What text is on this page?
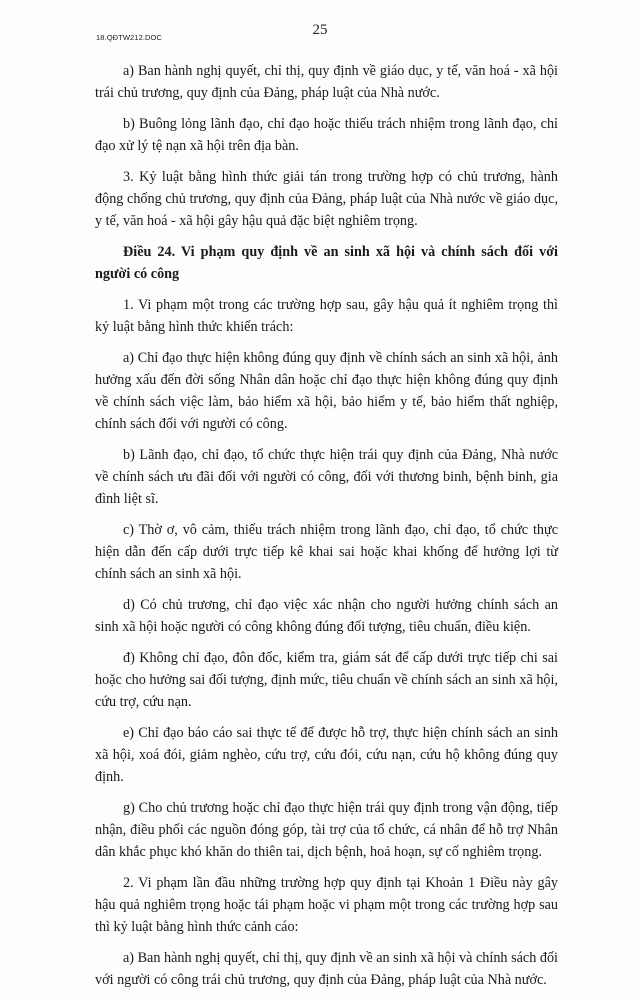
18.QĐTW212.DOC	25

a) Ban hành nghị quyết, chỉ thị, quy định về giáo dục, y tế, văn hoá - xã hội trái chủ trương, quy định của Đảng, pháp luật của Nhà nước.

b) Buông lỏng lãnh đạo, chỉ đạo hoặc thiếu trách nhiệm trong lãnh đạo, chỉ đạo xử lý tệ nạn xã hội trên địa bàn.

3. Kỷ luật bằng hình thức giải tán trong trường hợp có chủ trương, hành động chống chủ trương, quy định của Đảng, pháp luật của Nhà nước về giáo dục, y tế, văn hoá - xã hội gây hậu quả đặc biệt nghiêm trọng.

Điều 24. Vi phạm quy định về an sinh xã hội và chính sách đối với người có công

1. Vi phạm một trong các trường hợp sau, gây hậu quả ít nghiêm trọng thì kỷ luật bằng hình thức khiển trách:

a) Chỉ đạo thực hiện không đúng quy định về chính sách an sinh xã hội, ảnh hưởng xấu đến đời sống Nhân dân hoặc chỉ đạo thực hiện không đúng quy định về chính sách việc làm, bảo hiểm xã hội, bảo hiểm y tế, bảo hiểm thất nghiệp, chính sách đối với người có công.

b) Lãnh đạo, chỉ đạo, tổ chức thực hiện trái quy định của Đảng, Nhà nước về chính sách ưu đãi đối với người có công, đối với thương binh, bệnh binh, gia đình liệt sĩ.

c) Thờ ơ, vô cảm, thiếu trách nhiệm trong lãnh đạo, chỉ đạo, tổ chức thực hiện dẫn đến cấp dưới trực tiếp kê khai sai hoặc khai khống để hưởng lợi từ chính sách an sinh xã hội.

d) Có chủ trương, chỉ đạo việc xác nhận cho người hưởng chính sách an sinh xã hội hoặc người có công không đúng đối tượng, tiêu chuẩn, điều kiện.

đ) Không chỉ đạo, đôn đốc, kiểm tra, giám sát để cấp dưới trực tiếp chi sai hoặc cho hưởng sai đối tượng, định mức, tiêu chuẩn về chính sách an sinh xã hội, cứu trợ, cứu nạn.

e) Chỉ đạo báo cáo sai thực tế để được hỗ trợ, thực hiện chính sách an sinh xã hội, xoá đói, giảm nghèo, cứu trợ, cứu đói, cứu nạn, cứu hộ không đúng quy định.

g) Cho chủ trương hoặc chỉ đạo thực hiện trái quy định trong vận động, tiếp nhận, điều phối các nguồn đóng góp, tài trợ của tổ chức, cá nhân để hỗ trợ Nhân dân khắc phục khó khăn do thiên tai, dịch bệnh, hoả hoạn, sự cố nghiêm trọng.

2. Vi phạm lần đầu những trường hợp quy định tại Khoản 1 Điều này gây hậu quả nghiêm trọng hoặc tái phạm hoặc vi phạm một trong các trường hợp sau thì kỷ luật bằng hình thức cảnh cáo:

a) Ban hành nghị quyết, chỉ thị, quy định về an sinh xã hội và chính sách đối với người có công trái chủ trương, quy định của Đảng, pháp luật của Nhà nước.
